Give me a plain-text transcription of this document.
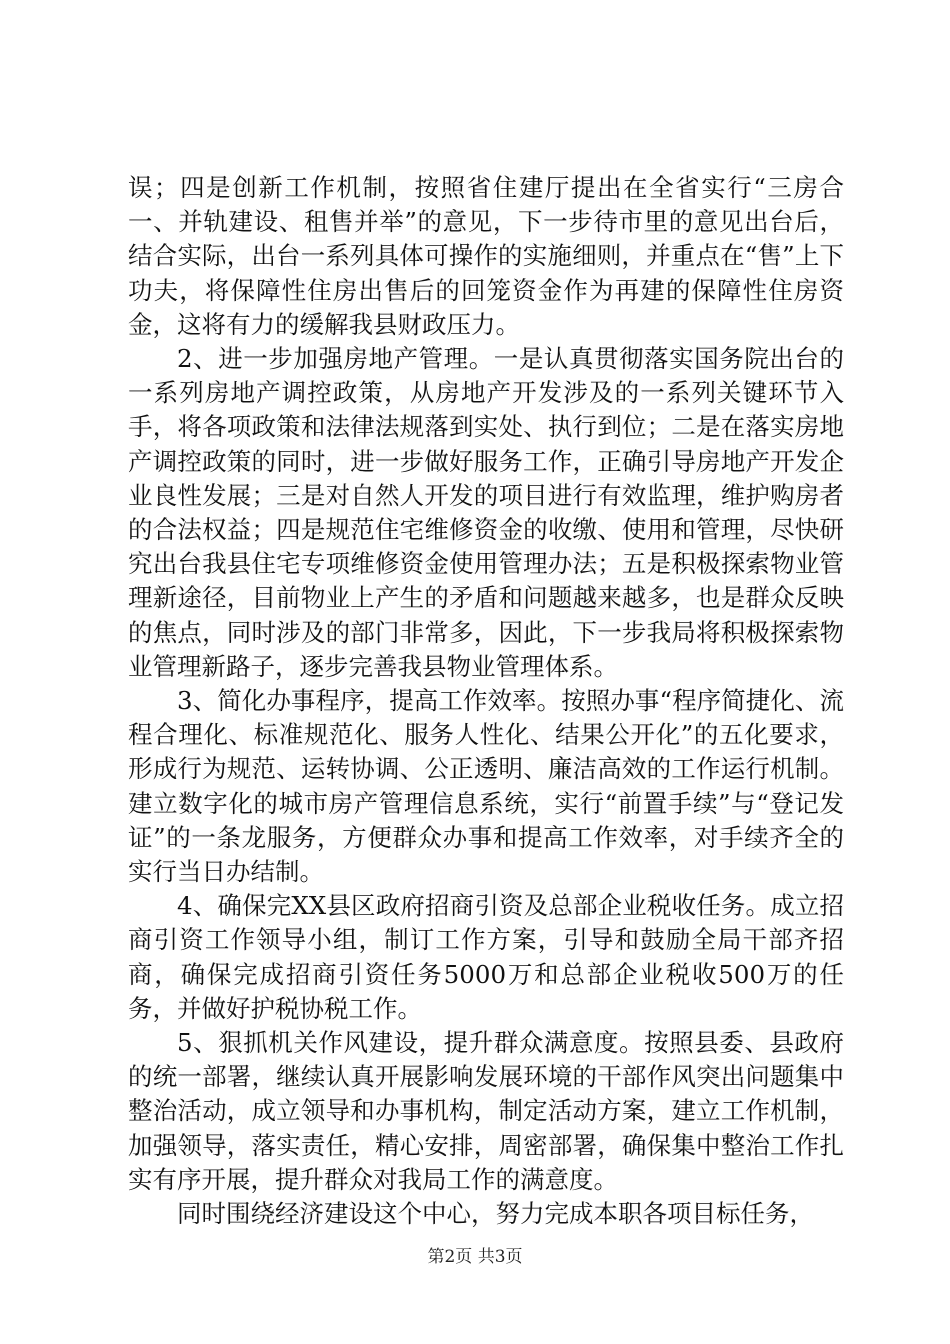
误；四是创新工作机制，按照省住建厅提出在全省实行“三房合一、并轨建设、租售并举”的意见，下一步待市里的意见出台后，结合实际，出台一系列具体可操作的实施细则，并重点在“售”上下功夫，将保障性住房出售后的回笼资金作为再建的保障性住房资金，这将有力的缓解我县财政压力。

2、进一步加强房地产管理。一是认真贯彻落实国务院出台的一系列房地产调控政策，从房地产开发涉及的一系列关键环节入手，将各项政策和法律法规落到实处、执行到位；二是在落实房地产调控政策的同时，进一步做好服务工作，正确引导房地产开发企业良性发展；三是对自然人开发的项目进行有效监理，维护购房者的合法权益；四是规范住宅维修资金的收缴、使用和管理，尽快研究出台我县住宅专项维修资金使用管理办法；五是积极探索物业管理新途径，目前物业上产生的矛盾和问题越来越多，也是群众反映的焦点，同时涉及的部门非常多，因此，下一步我局将积极探索物业管理新路子，逐步完善我县物业管理体系。

3、简化办事程序，提高工作效率。按照办事“程序简捷化、流程合理化、标准规范化、服务人性化、结果公开化”的五化要求，形成行为规范、运转协调、公正透明、廉洁高效的工作运行机制。建立数字化的城市房产管理信息系统，实行“前置手续”与“登记发证”的一条龙服务，方便群众办事和提高工作效率，对手续齐全的实行当日办结制。

4、确保完XX县区政府招商引资及总部企业税收任务。成立招商引资工作领导小组，制订工作方案，引导和鼓励全局干部齐招商，确保完成招商引资任务5000万和总部企业税收500万的任务，并做好护税协税工作。

5、狠抓机关作风建设，提升群众满意度。按照县委、县政府的统一部署，继续认真开展影响发展环境的干部作风突出问题集中整治活动，成立领导和办事机构，制定活动方案，建立工作机制，加强领导，落实责任，精心安排，周密部署，确保集中整治工作扎实有序开展，提升群众对我局工作的满意度。

同时围绕经济建设这个中心，努力完成本职各项目标任务，

第2页 共3页
